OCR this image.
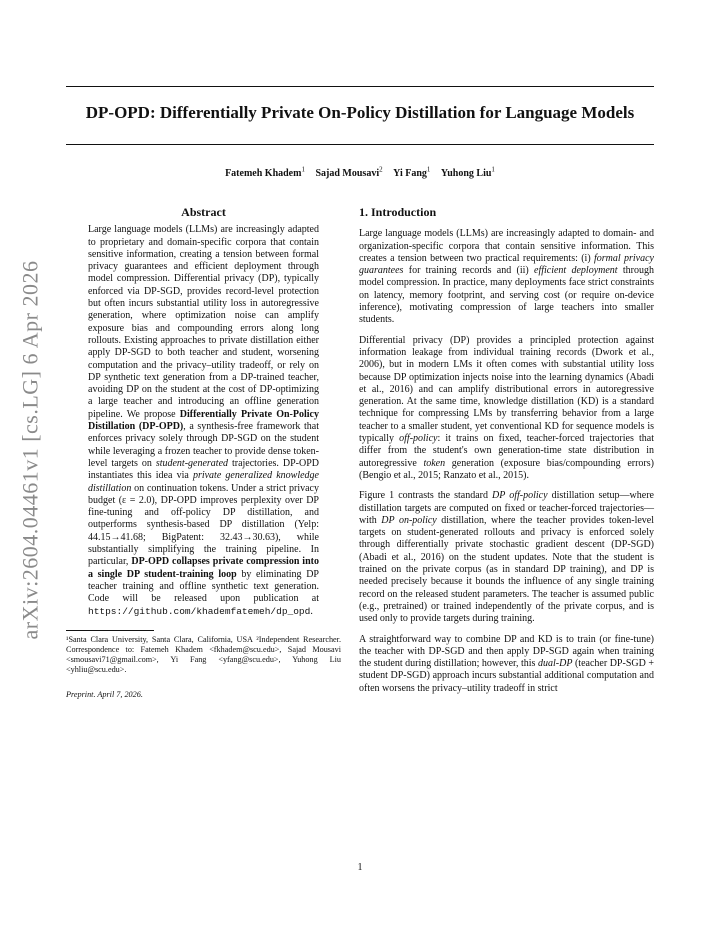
arXiv:2604.04461v1 [cs.LG] 6 Apr 2026
DP-OPD: Differentially Private On-Policy Distillation for Language Models
Fatemeh Khadem$^1$ Sajad Mousavi$^2$ Yi Fang$^1$ Yuhong Liu$^1$
Abstract
Large language models (LLMs) are increasingly adapted to proprietary and domain-specific corpora that contain sensitive information, creating a tension between formal privacy guarantees and efficient deployment through model compression. Differential privacy (DP), typically enforced via DP-SGD, provides record-level protection but often incurs substantial utility loss in autoregressive generation, where optimization noise can amplify exposure bias and compounding errors along long rollouts. Existing approaches to private distillation either apply DP-SGD to both teacher and student, worsening computation and the privacy–utility tradeoff, or rely on DP synthetic text generation from a DP-trained teacher, avoiding DP on the student at the cost of DP-optimizing a large teacher and introducing an offline generation pipeline. We propose Differentially Private On-Policy Distillation (DP-OPD), a synthesis-free framework that enforces privacy solely through DP-SGD on the student while leveraging a frozen teacher to provide dense token-level targets on student-generated trajectories. DP-OPD instantiates this idea via private generalized knowledge distillation on continuation tokens. Under a strict privacy budget (ε = 2.0), DP-OPD improves perplexity over DP fine-tuning and off-policy DP distillation, and outperforms synthesis-based DP distillation (Yelp: 44.15→41.68; BigPatent: 32.43→30.63), while substantially simplifying the training pipeline. In particular, DP-OPD collapses private compression into a single DP student-training loop by eliminating DP teacher training and offline synthetic text generation. Code will be released upon publication at https://github.com/khademfatemeh/dp_opd.

¹Santa Clara University, Santa Clara, California, USA ²Independent Researcher. Correspondence to: Fatemeh Khadem <fkhadem@scu.edu>, Sajad Mousavi <smousavi71@gmail.com>, Yi Fang <yfang@scu.edu>, Yuhong Liu <yhliu@scu.edu>.

Preprint. April 7, 2026.

1. Introduction

Large language models (LLMs) are increasingly adapted to domain- and organization-specific corpora that contain sensitive information. This creates a tension between two practical requirements: (i) formal privacy guarantees for training records and (ii) efficient deployment through model compression. In practice, many deployments face strict constraints on latency, memory footprint, and serving cost (or require on-device inference), motivating compression of large teachers into smaller students.

Differential privacy (DP) provides a principled protection against information leakage from individual training records (Dwork et al., 2006), but in modern LMs it often comes with substantial utility loss because DP optimization injects noise into the learning dynamics (Abadi et al., 2016) and can amplify distributional errors in autoregressive generation. At the same time, knowledge distillation (KD) is a standard technique for compressing LMs by transferring behavior from a large teacher to a smaller student, yet conventional KD for sequence models is typically off-policy: it trains on fixed, teacher-forced trajectories that differ from the student's own generation-time state distribution in autoregressive token generation (exposure bias/compounding errors) (Bengio et al., 2015; Ranzato et al., 2015).

Figure 1 contrasts the standard DP off-policy distillation setup—where distillation targets are computed on fixed or teacher-forced trajectories—with DP on-policy distillation, where the teacher provides token-level targets on student-generated rollouts and privacy is enforced solely through differentially private stochastic gradient descent (DP-SGD) (Abadi et al., 2016) on the student updates. Note that the student is trained on the private corpus (as in standard DP training), and DP is needed precisely because it bounds the influence of any single training record on the released student parameters. The teacher is assumed public (e.g., pretrained) or trained independently of the private corpus, and is used only to provide targets during training.

A straightforward way to combine DP and KD is to train (or fine-tune) the teacher with DP-SGD and then apply DP-SGD again when training the student during distillation; however, this dual-DP (teacher DP-SGD + student DP-SGD) approach incurs substantial additional computation and often worsens the privacy–utility tradeoff in strict

1
